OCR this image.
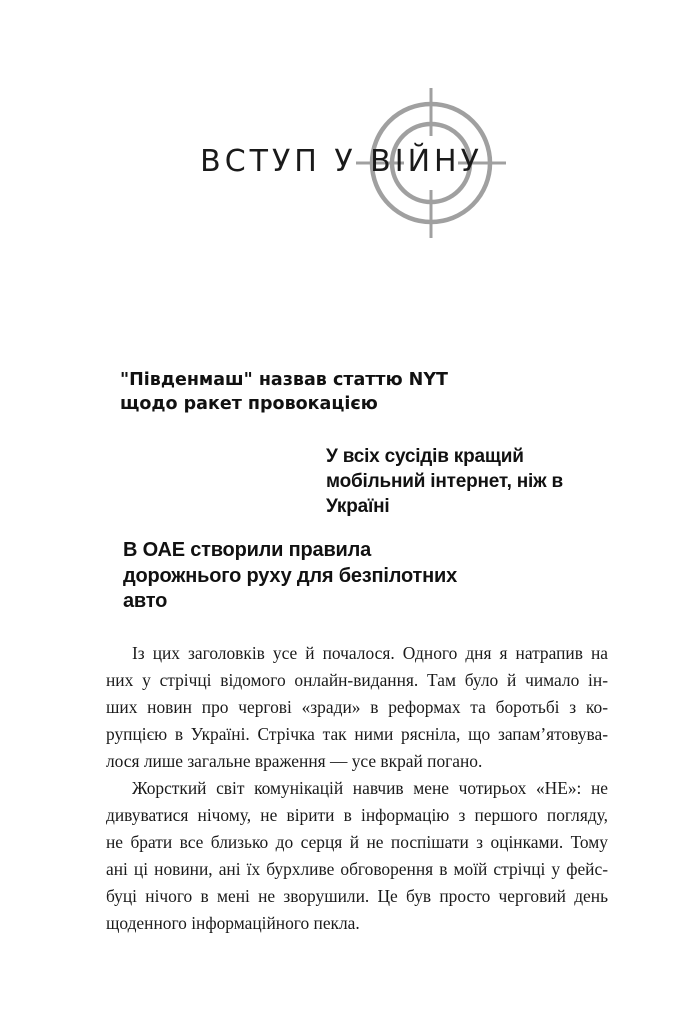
ВСТУП У ВІЙНУ
"Південмаш" назвав статтю NYT
щодо ракет провокацією
У всіх сусідів кращий
мобільний інтернет, ніж в
Україні
В ОАЕ створили правила
дорожнього руху для безпілотних
авто
Із цих заголовків усе й почалося. Одного дня я натрапив на
них у стрічці відомого онлайн-видання. Там було й чимало ін-
ших новин про чергові «зради» в реформах та боротьбі з ко-
рупцією в Україні. Стрічка так ними рясніла, що запам’ятовува-
лося лише загальне враження — усе вкрай погано.
Жорсткий світ комунікацій навчив мене чотирьох «НЕ»: не
дивуватися нічому, не вірити в інформацію з першого погляду,
не брати все близько до серця й не поспішати з оцінками. Тому
ані ці новини, ані їх бурхливе обговорення в моїй стрічці у фейс-
буці нічого в мені не зворушили. Це був просто черговий день
щоденного інформаційного пекла.
